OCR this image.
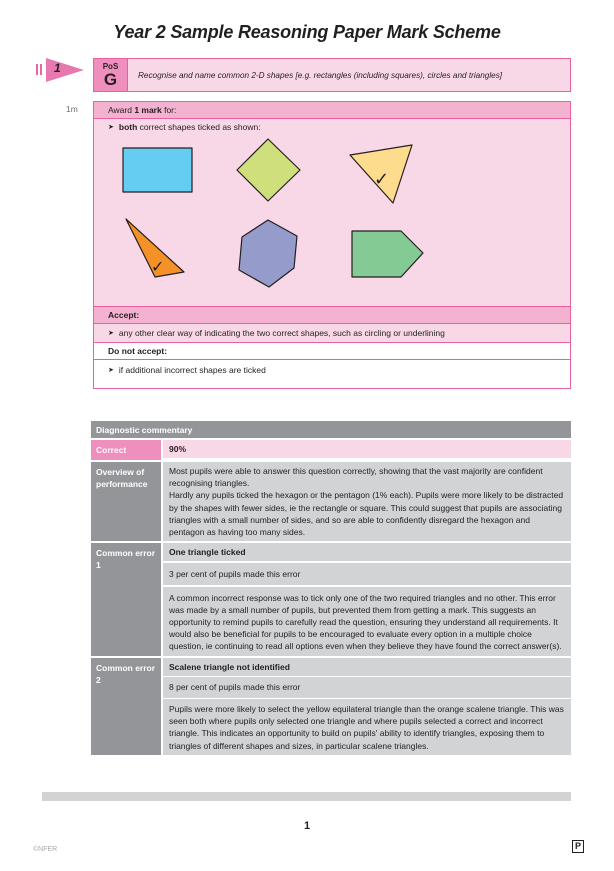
Year 2 Sample Reasoning Paper Mark Scheme
1	PoS
G	Recognise and name common 2-D shapes [e.g. rectangles (including squares), circles and triangles]
1m	Award 1 mark for:
➤ both correct shapes ticked as shown:
✓
✓
Accept:
➤ any other clear way of indicating the two correct shapes, such as circling or underlining
Do not accept:
➤ if additional incorrect shapes are ticked
Diagnostic commentary
Correct	90%
Overview of performance
Most pupils were able to answer this question correctly, showing that the vast majority are confident recognising triangles.
Hardly any pupils ticked the hexagon or the pentagon (1% each). Pupils were more likely to be distracted by the shapes with fewer sides, ie the rectangle or square. This could suggest that pupils are associating triangles with a small number of sides, and so are able to confidently disregard the hexagon and pentagon as having too many sides.
Common error 1
One triangle ticked
3 per cent of pupils made this error
A common incorrect response was to tick only one of the two required triangles and no other. This error was made by a small number of pupils, but prevented them from getting a mark. This suggests an opportunity to remind pupils to carefully read the question, ensuring they understand all requirements. It would also be beneficial for pupils to be encouraged to evaluate every option in a multiple choice question, ie continuing to read all options even when they believe they have found the correct answer(s).
Common error 2
Scalene triangle not identified
8 per cent of pupils made this error
Pupils were more likely to select the yellow equilateral triangle than the orange scalene triangle. This was seen both where pupils only selected one triangle and where pupils selected a correct and incorrect triangle. This indicates an opportunity to build on pupils' ability to identify triangles, exposing them to triangles of different shapes and sizes, in particular scalene triangles.
1
©NFER	P
